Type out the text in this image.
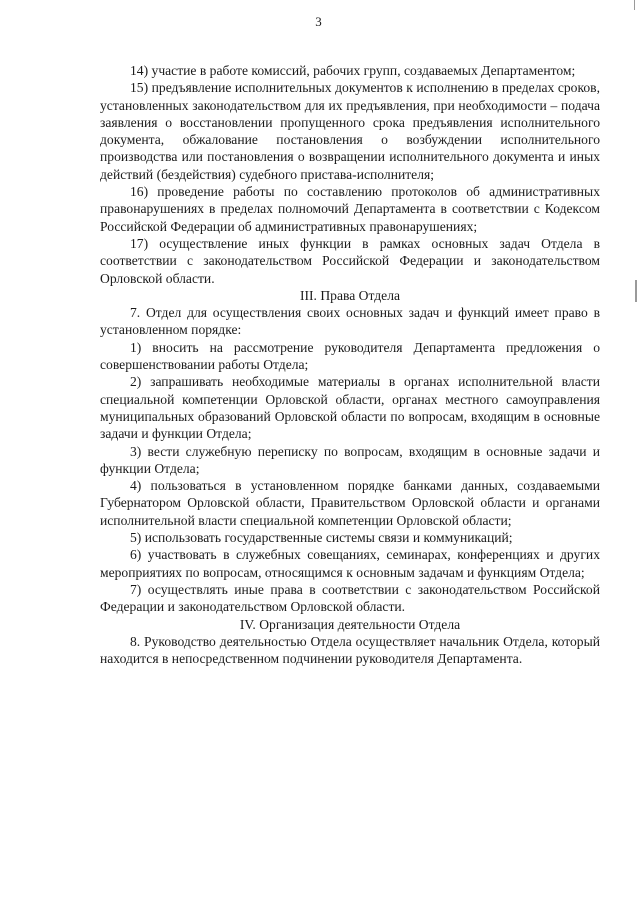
3

14) участие в работе комиссий, рабочих групп, создаваемых Департаментом;

15) предъявление исполнительных документов к исполнению в пределах сроков, установленных законодательством для их предъявления, при необходимости – подача заявления о восстановлении пропущенного срока предъявления исполнительного документа, обжалование постановления о возбуждении исполнительного производства или постановления о возвращении исполнительного документа и иных действий (бездействия) судебного пристава-исполнителя;

16) проведение работы по составлению протоколов об административных правонарушениях в пределах полномочий Департамента в соответствии с Кодексом Российской Федерации об административных правонарушениях;

17) осуществление иных функции в рамках основных задач Отдела в соответствии с законодательством Российской Федерации и законодательством Орловской области.

III. Права Отдела

7. Отдел для осуществления своих основных задач и функций имеет право в установленном порядке:

1) вносить на рассмотрение руководителя Департамента предложения о совершенствовании работы Отдела;

2) запрашивать необходимые материалы в органах исполнительной власти специальной компетенции Орловской области, органах местного самоуправления муниципальных образований Орловской области по вопросам, входящим в основные задачи и функции Отдела;

3) вести служебную переписку по вопросам, входящим в основные задачи и функции Отдела;

4) пользоваться в установленном порядке банками данных, создаваемыми Губернатором Орловской области, Правительством Орловской области и органами исполнительной власти специальной компетенции Орловской области;

5) использовать государственные системы связи и коммуникаций;

6) участвовать в служебных совещаниях, семинарах, конференциях и других мероприятиях по вопросам, относящимся к основным задачам и функциям Отдела;

7) осуществлять иные права в соответствии с законодательством Российской Федерации и законодательством Орловской области.

IV. Организация деятельности Отдела

8. Руководство деятельностью Отдела осуществляет начальник Отдела, который находится в непосредственном подчинении руководителя Департамента.
